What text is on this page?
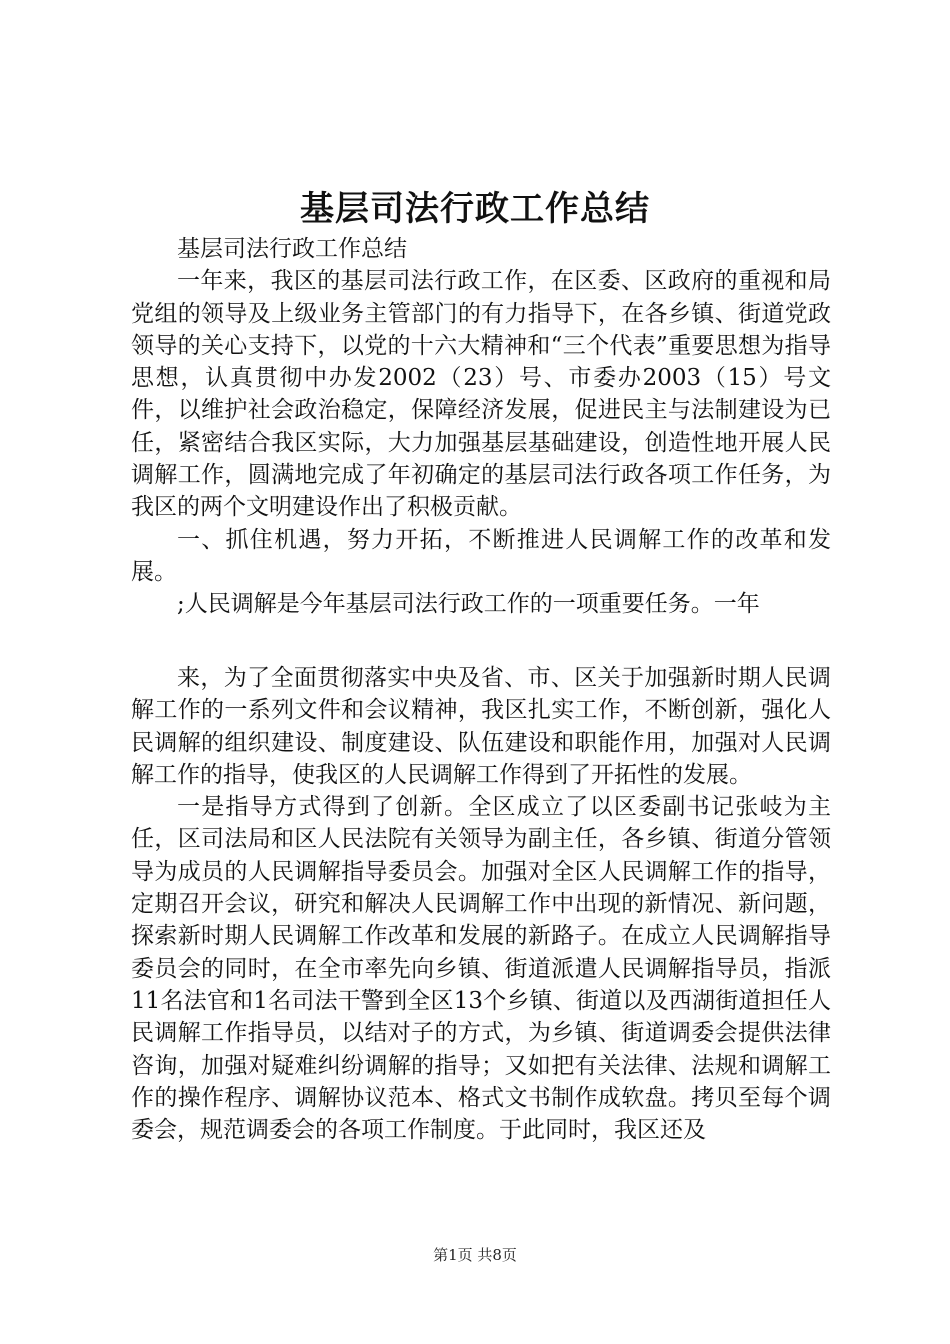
基层司法行政工作总结

基层司法行政工作总结

一年来，我区的基层司法行政工作，在区委、区政府的重视和局党组的领导及上级业务主管部门的有力指导下，在各乡镇、街道党政领导的关心支持下，以党的十六大精神和“三个代表”重要思想为指导思想，认真贯彻中办发2002（23）号、市委办2003（15）号文件，以维护社会政治稳定，保障经济发展，促进民主与法制建设为已任，紧密结合我区实际，大力加强基层基础建设，创造性地开展人民调解工作，圆满地完成了年初确定的基层司法行政各项工作任务，为我区的两个文明建设作出了积极贡献。

一、抓住机遇，努力开拓，不断推进人民调解工作的改革和发展。

;人民调解是今年基层司法行政工作的一项重要任务。一年

来，为了全面贯彻落实中央及省、市、区关于加强新时期人民调解工作的一系列文件和会议精神，我区扎实工作，不断创新，强化人民调解的组织建设、制度建设、队伍建设和职能作用，加强对人民调解工作的指导，使我区的人民调解工作得到了开拓性的发展。

一是指导方式得到了创新。全区成立了以区委副书记张岐为主任，区司法局和区人民法院有关领导为副主任，各乡镇、街道分管领导为成员的人民调解指导委员会。加强对全区人民调解工作的指导，定期召开会议，研究和解决人民调解工作中出现的新情况、新问题，探索新时期人民调解工作改革和发展的新路子。在成立人民调解指导委员会的同时，在全市率先向乡镇、街道派遣人民调解指导员，指派11名法官和1名司法干警到全区13个乡镇、街道以及西湖街道担任人民调解工作指导员，以结对子的方式，为乡镇、街道调委会提供法律咨询，加强对疑难纠纷调解的指导；又如把有关法律、法规和调解工作的操作程序、调解协议范本、格式文书制作成软盘。拷贝至每个调委会，规范调委会的各项工作制度。于此同时，我区还及

第1页 共8页
